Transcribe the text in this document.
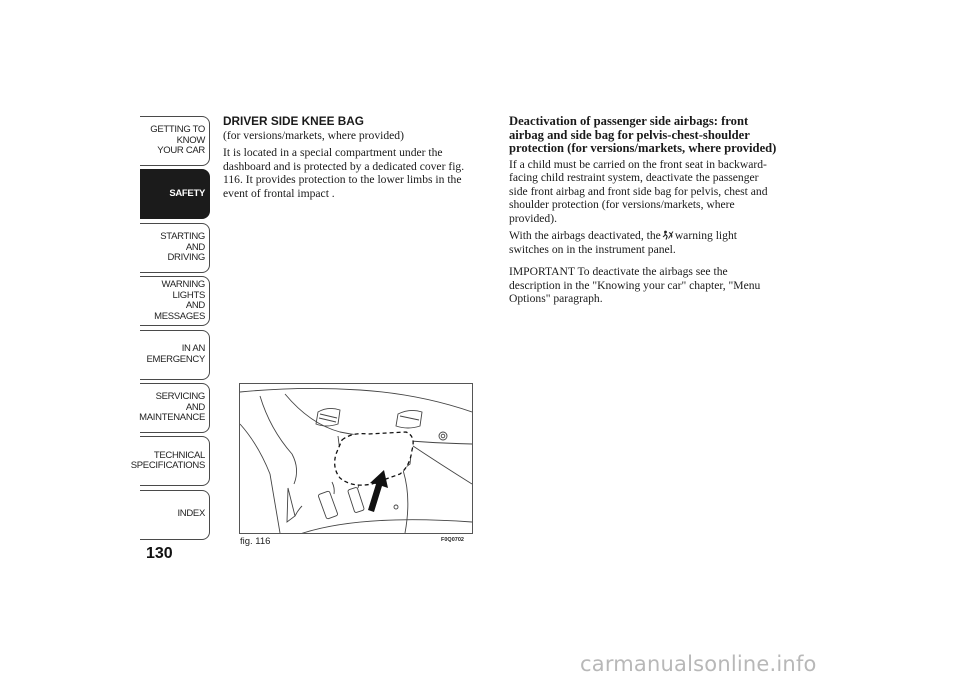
GETTING TO KNOW
YOUR CAR
SAFETY
STARTING AND
DRIVING
WARNING LIGHTS
AND MESSAGES
IN AN EMERGENCY
SERVICING AND
MAINTENANCE
TECHNICAL
SPECIFICATIONS
INDEX
130
DRIVER SIDE KNEE BAG

(for versions/markets, where provided)

It is located in a special compartment under the dashboard and is protected by a dedicated cover fig. 116. It provides protection to the lower limbs in the event of frontal impact .

Deactivation of passenger side airbags: front airbag and side bag for pelvis-chest-shoulder protection (for versions/markets, where provided)

If a child must be carried on the front seat in backward-facing child restraint system, deactivate the passenger side front airbag and front side bag for pelvis, chest and shoulder protection (for versions/markets, where provided).

With the airbags deactivated, the warning light switches on in the instrument panel.

IMPORTANT To deactivate the airbags see the description in the "Knowing your car" chapter, "Menu Options" paragraph.

fig. 116	F0Q0702
carmanualsonline.info
